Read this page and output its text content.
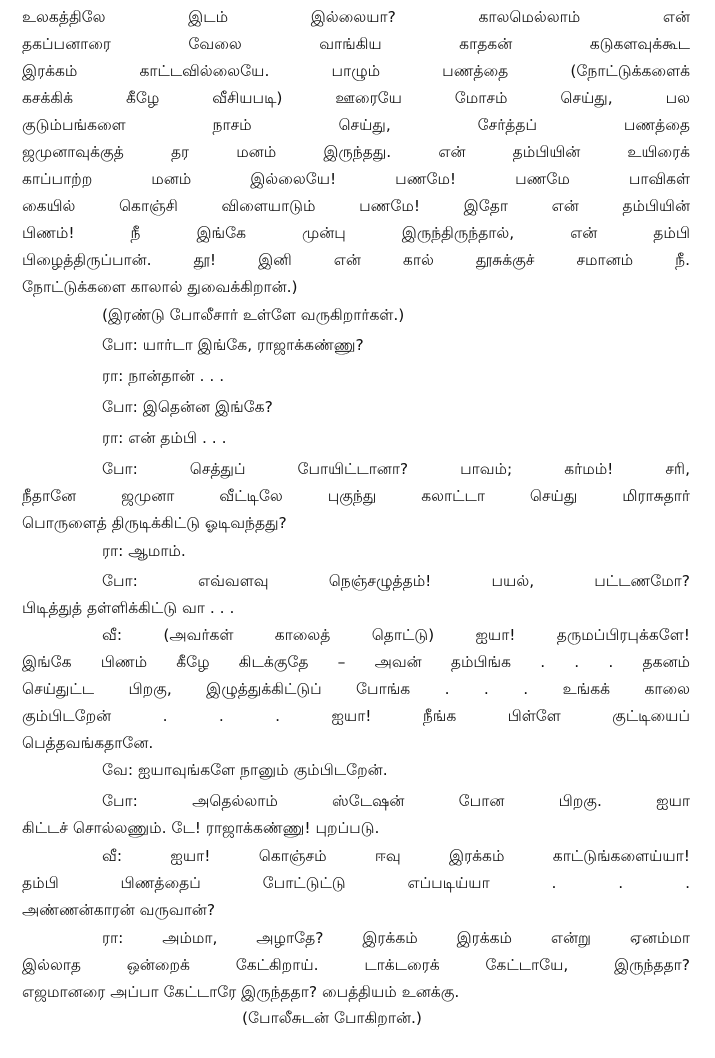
உலகத்திலே இடம் இல்லையா? காலமெல்லாம் என்
தகப்பனாரை வேலை வாங்கிய காதகன் கடுகளவுக்கூட
இரக்கம் காட்டவில்லையே. பாழும் பணத்தை (நோட்டுக்களைக்
கசக்கிக் கீழே வீசியபடி) ஊரையே மோசம் செய்து, பல
குடும்பங்களை நாசம் செய்து, சேர்த்தப் பணத்தை
ஜமுனாவுக்குத் தர மனம் இருந்தது. என் தம்பியின் உயிரைக்
காப்பாற்ற மனம் இல்லையே! பணமே! பணமே பாவிகள்
கையில் கொஞ்சி விளையாடும் பணமே! இதோ என் தம்பியின்
பிணம்! நீ இங்கே முன்பு இருந்திருந்தால், என் தம்பி
பிழைத்திருப்பான். தூ! இனி என் கால் தூசுக்குச் சமானம் நீ.
நோட்டுக்களை காலால் துவைக்கிறான்.)
(இரண்டு போலீசார் உள்ளே வருகிறார்கள்.)
போ: யார்டா இங்கே, ராஜாக்கண்ணு?
ரா: நான்தான் . . .
போ: இதென்ன இங்கே?
ரா: என் தம்பி . . .
போ: செத்துப் போயிட்டானா? பாவம்; கர்மம்! சரி,
நீதானே ஜமுனா வீட்டிலே புகுந்து கலாட்டா செய்து மிராசுதார்
பொருளைத் திருடிக்கிட்டு ஓடிவந்தது?
ரா: ஆமாம்.
போ: எவ்வளவு நெஞ்சழுத்தம்! பயல், பட்டணமோ?
பிடித்துத் தள்ளிக்கிட்டு வா . . .
வீ: (அவர்கள் காலைத் தொட்டு) ஐயா! தருமப்பிரபுக்களே!
இங்கே பிணம் கீழே கிடக்குதே – அவன் தம்பிங்க . . . தகனம்
செய்துட்ட பிறகு, இழுத்துக்கிட்டுப் போங்க . . . உங்கக் காலை
கும்பிடறேன் . . . ஐயா! நீங்க பிள்ளே குட்டியைப்
பெத்தவங்கதானே.
வே: ஐயாவுங்களே நானும் கும்பிடறேன்.
போ: அதெல்லாம் ஸ்டேஷன் போன பிறகு. ஐயா
கிட்டச் சொல்லணும். டே! ராஜாக்கண்ணு! புறப்படு.
வீ: ஐயா! கொஞ்சம் ஈவு இரக்கம் காட்டுங்களைய்யா!
தம்பி பிணத்தைப் போட்டுட்டு எப்படிய்யா . . .
அண்ணன்காரன் வருவான்?
ரா: அம்மா, அழாதே? இரக்கம் இரக்கம் என்று ஏனம்மா
இல்லாத ஒன்றைக் கேட்கிறாய். டாக்டரைக் கேட்டாயே, இருந்ததா?
எஜமானரை அப்பா கேட்டாரே இருந்ததா? பைத்தியம் உனக்கு.
(போலீசுடன் போகிறான்.)
